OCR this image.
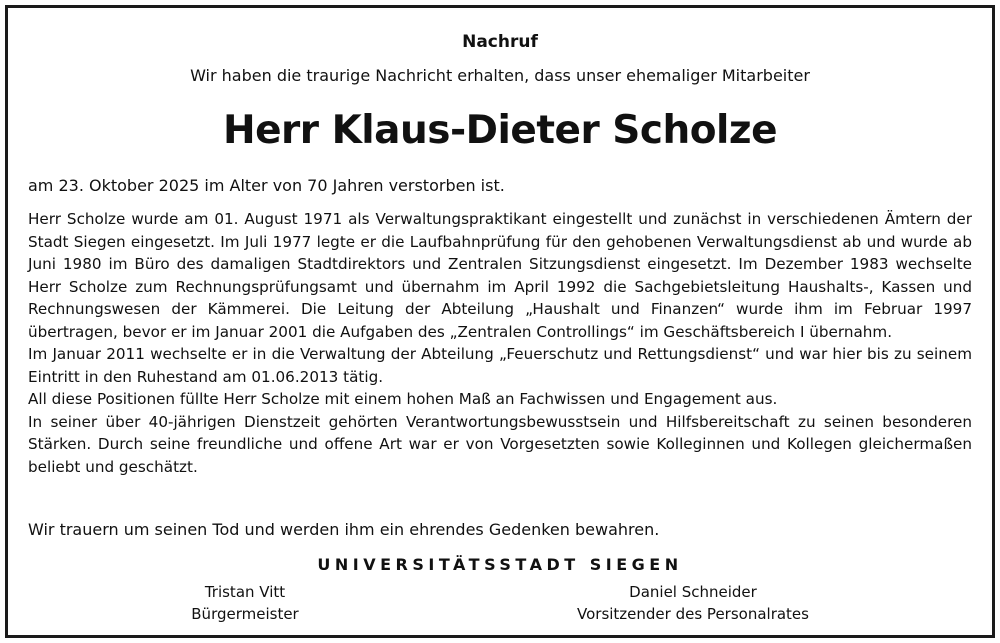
Nachruf
Wir haben die traurige Nachricht erhalten, dass unser ehemaliger Mitarbeiter
Herr Klaus-Dieter Scholze
am 23. Oktober 2025 im Alter von 70 Jahren verstorben ist.

Herr Scholze wurde am 01. August 1971 als Verwaltungspraktikant eingestellt und zunächst in verschiedenen Ämtern der Stadt Siegen eingesetzt. Im Juli 1977 legte er die Laufbahnprüfung für den gehobenen Verwaltungsdienst ab und wurde ab Juni 1980 im Büro des damaligen Stadtdirektors und Zentralen Sitzungsdienst eingesetzt. Im Dezember 1983 wechselte Herr Scholze zum Rechnungsprüfungsamt und übernahm im April 1992 die Sachgebietsleitung Haushalts-, Kassen und Rechnungswesen der Kämmerei. Die Leitung der Abteilung „Haushalt und Finanzen“ wurde ihm im Februar 1997 übertragen, bevor er im Januar 2001 die Aufgaben des „Zentralen Controllings“ im Geschäftsbereich I übernahm.

Im Januar 2011 wechselte er in die Verwaltung der Abteilung „Feuerschutz und Rettungsdienst“ und war hier bis zu seinem Eintritt in den Ruhestand am 01.06.2013 tätig.

All diese Positionen füllte Herr Scholze mit einem hohen Maß an Fachwissen und Engagement aus.

In seiner über 40-jährigen Dienstzeit gehörten Verantwortungsbewusstsein und Hilfsbereitschaft zu seinen besonderen Stärken. Durch seine freundliche und offene Art war er von Vorgesetzten sowie Kolleginnen und Kollegen gleichermaßen beliebt und geschätzt.

Wir trauern um seinen Tod und werden ihm ein ehrendes Gedenken bewahren.
UNIVERSITÄTSSTADT SIEGEN
Tristan Vitt
Bürgermeister
Daniel Schneider
Vorsitzender des Personalrates
